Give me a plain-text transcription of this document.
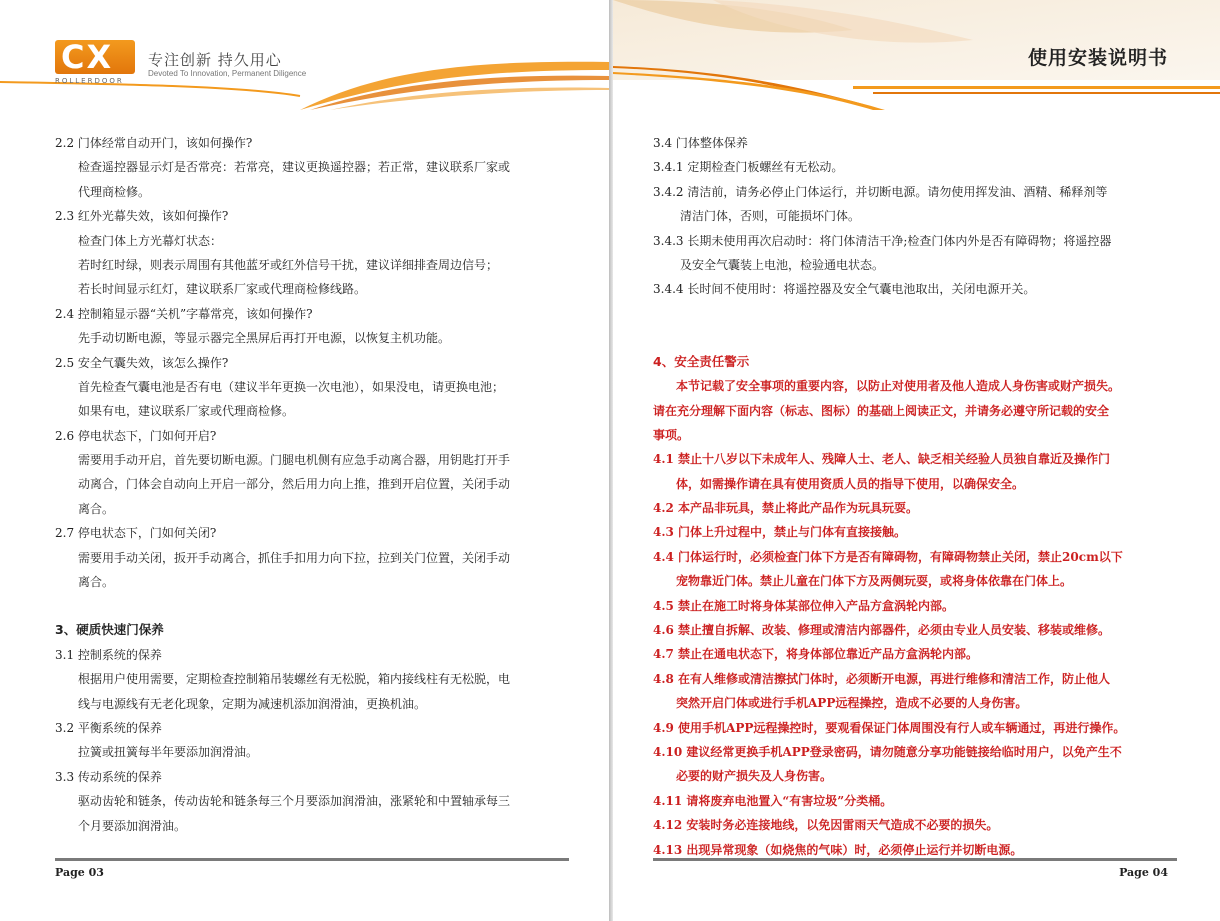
CX
ROLLERDOOR
专注创新 持久用心
Devoted To Innovation, Permanent Diligence
2.2 门体经常自动开门，该如何操作?
检查遥控器显示灯是否常亮：若常亮，建议更换遥控器；若正常，建议联系厂家或
代理商检修。
2.3 红外光幕失效，该如何操作?
检查门体上方光幕灯状态：
若时红时绿，则表示周围有其他蓝牙或红外信号干扰，建议详细排查周边信号；
若长时间显示红灯，建议联系厂家或代理商检修线路。
2.4 控制箱显示器“关机”字幕常亮，该如何操作?
先手动切断电源，等显示器完全黑屏后再打开电源，以恢复主机功能。
2.5 安全气囊失效，该怎么操作?
首先检查气囊电池是否有电（建议半年更换一次电池），如果没电，请更换电池；
如果有电，建议联系厂家或代理商检修。
2.6 停电状态下，门如何开启?
需要用手动开启，首先要切断电源。门腿电机侧有应急手动离合器，用钥匙打开手
动离合，门体会自动向上开启一部分，然后用力向上推，推到开启位置，关闭手动
离合。
2.7 停电状态下，门如何关闭?
需要用手动关闭，扳开手动离合，抓住手扣用力向下拉，拉到关门位置，关闭手动
离合。
3、硬质快速门保养
3.1 控制系统的保养
根据用户使用需要，定期检查控制箱吊装螺丝有无松脱，箱内接线柱有无松脱，电
线与电源线有无老化现象，定期为减速机添加润滑油，更换机油。
3.2 平衡系统的保养
拉簧或扭簧每半年要添加润滑油。
3.3 传动系统的保养
驱动齿轮和链条，传动齿轮和链条每三个月要添加润滑油，涨紧轮和中置轴承每三
个月要添加润滑油。
Page 03
使用安装说明书
3.4 门体整体保养
3.4.1 定期检查门板螺丝有无松动。
3.4.2 清洁前，请务必停止门体运行，并切断电源。请勿使用挥发油、酒精、稀释剂等
清洁门体，否则，可能损坏门体。
3.4.3 长期未使用再次启动时：将门体清洁干净;检查门体内外是否有障碍物；将遥控器
及安全气囊装上电池，检验通电状态。
3.4.4 长时间不使用时：将遥控器及安全气囊电池取出，关闭电源开关。
4、安全责任警示
本节记载了安全事项的重要内容，以防止对使用者及他人造成人身伤害或财产损失。
请在充分理解下面内容（标志、图标）的基础上阅读正文，并请务必遵守所记载的安全
事项。
4.1 禁止十八岁以下未成年人、残障人士、老人、缺乏相关经验人员独自靠近及操作门
体，如需操作请在具有使用资质人员的指导下使用，以确保安全。
4.2 本产品非玩具，禁止将此产品作为玩具玩耍。
4.3 门体上升过程中，禁止与门体有直接接触。
4.4 门体运行时，必须检查门体下方是否有障碍物，有障碍物禁止关闭，禁止20cm以下
宠物靠近门体。禁止儿童在门体下方及两侧玩耍，或将身体依靠在门体上。
4.5 禁止在施工时将身体某部位伸入产品方盒涡轮内部。
4.6 禁止擅自拆解、改装、修理或清洁内部器件，必须由专业人员安装、移装或维修。
4.7 禁止在通电状态下，将身体部位靠近产品方盒涡轮内部。
4.8 在有人维修或清洁擦拭门体时，必须断开电源，再进行维修和清洁工作，防止他人
突然开启门体或进行手机APP远程操控，造成不必要的人身伤害。
4.9 使用手机APP远程操控时，要观看保证门体周围没有行人或车辆通过，再进行操作。
4.10 建议经常更换手机APP登录密码，请勿随意分享功能链接给临时用户，以免产生不
必要的财产损失及人身伤害。
4.11 请将废弃电池置入“有害垃圾”分类桶。
4.12 安装时务必连接地线，以免因雷雨天气造成不必要的损失。
4.13 出现异常现象（如烧焦的气味）时，必须停止运行并切断电源。
Page 04
